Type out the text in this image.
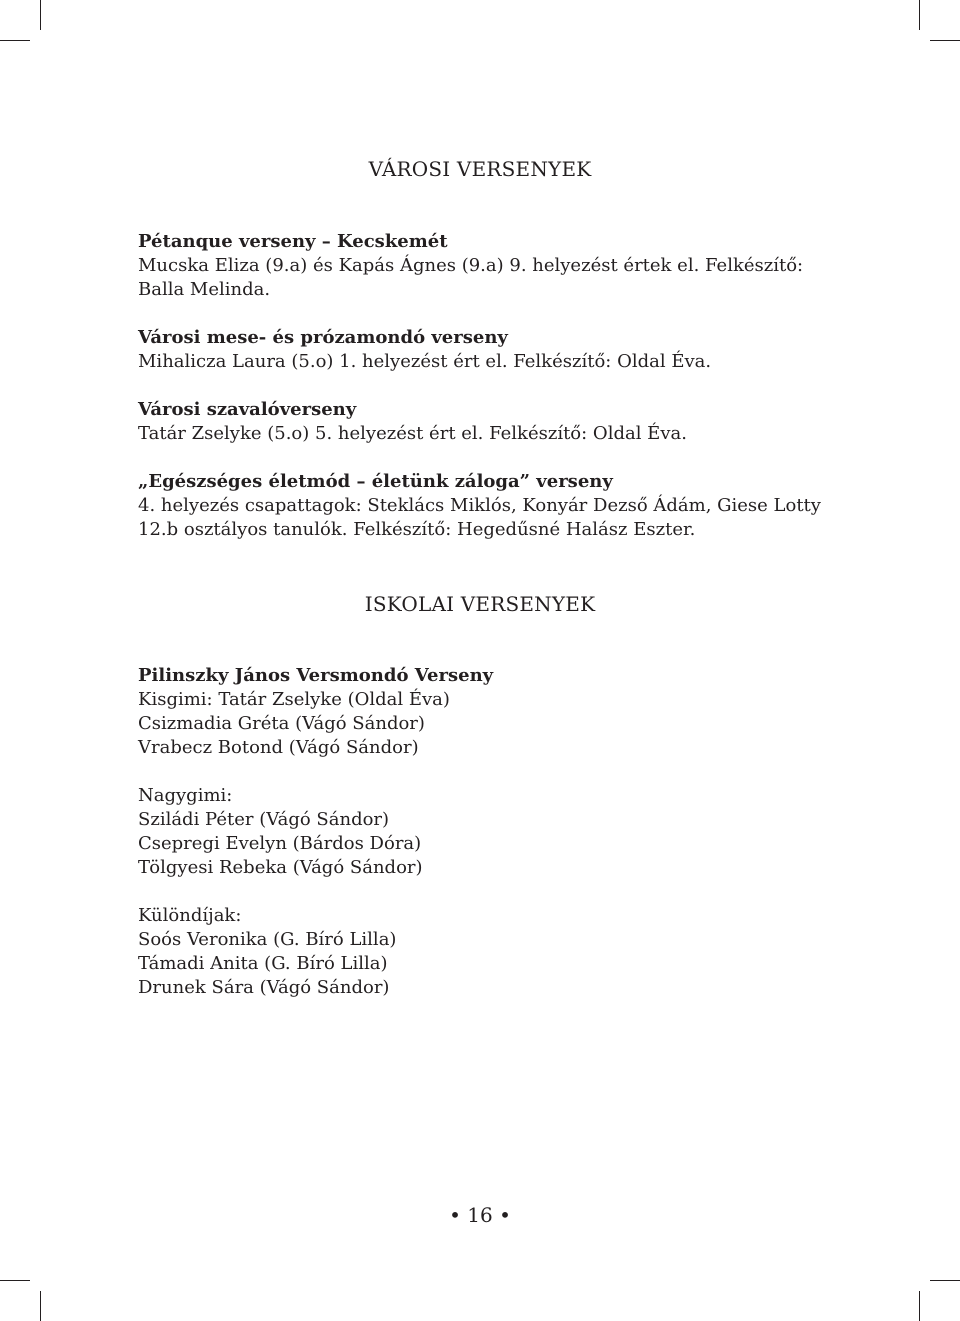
VÁROSI VERSENYEK
Pétanque verseny – Kecskemét
Mucska Eliza (9.a) és Kapás Ágnes (9.a) 9. helyezést értek el. Felkészítő:
Balla Melinda.
Városi mese- és prózamondó verseny
Mihalicza Laura (5.o) 1. helyezést ért el. Felkészítő: Oldal Éva.
Városi szavalóverseny
Tatár Zselyke (5.o) 5. helyezést ért el. Felkészítő: Oldal Éva.
„Egészséges életmód – életünk záloga” verseny
4. helyezés csapattagok: Steklács Miklós, Konyár Dezső Ádám, Giese Lotty
12.b osztályos tanulók. Felkészítő: Hegedűsné Halász Eszter.
ISKOLAI VERSENYEK
Pilinszky János Versmondó Verseny
Kisgimi: Tatár Zselyke (Oldal Éva)
Csizmadia Gréta (Vágó Sándor)
Vrabecz Botond (Vágó Sándor)
Nagygimi:
Sziládi Péter (Vágó Sándor)
Csepregi Evelyn (Bárdos Dóra)
Tölgyesi Rebeka (Vágó Sándor)
Különdíjak:
Soós Veronika (G. Bíró Lilla)
Támadi Anita (G. Bíró Lilla)
Drunek Sára (Vágó Sándor)
• 16 •
